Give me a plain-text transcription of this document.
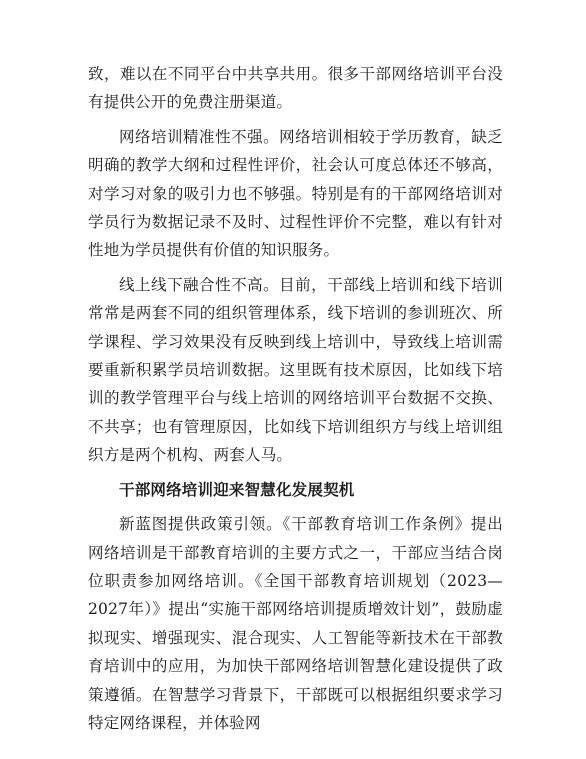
致，难以在不同平台中共享共用。很多干部网络培训平台没有提供公开的免费注册渠道。

网络培训精准性不强。网络培训相较于学历教育，缺乏明确的教学大纲和过程性评价，社会认可度总体还不够高，对学习对象的吸引力也不够强。特别是有的干部网络培训对学员行为数据记录不及时、过程性评价不完整，难以有针对性地为学员提供有价值的知识服务。

线上线下融合性不高。目前，干部线上培训和线下培训常常是两套不同的组织管理体系，线下培训的参训班次、所学课程、学习效果没有反映到线上培训中，导致线上培训需要重新积累学员培训数据。这里既有技术原因，比如线下培训的教学管理平台与线上培训的网络培训平台数据不交换、不共享；也有管理原因，比如线下培训组织方与线上培训组织方是两个机构、两套人马。

干部网络培训迎来智慧化发展契机

新蓝图提供政策引领。《干部教育培训工作条例》提出网络培训是干部教育培训的主要方式之一，干部应当结合岗位职责参加网络培训。《全国干部教育培训规划（2023—2027年）》提出“实施干部网络培训提质增效计划”，鼓励虚拟现实、增强现实、混合现实、人工智能等新技术在干部教育培训中的应用，为加快干部网络培训智慧化建设提供了政策遵循。在智慧学习背景下，干部既可以根据组织要求学习特定网络课程，并体验网
